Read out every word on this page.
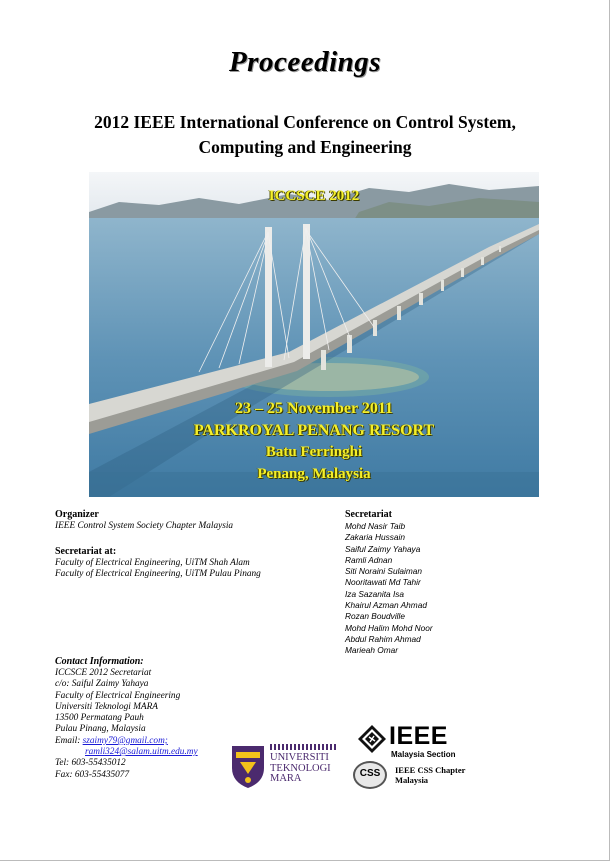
Proceedings
2012 IEEE International Conference on Control System,
Computing and Engineering
ICCSCE 2012
23 – 25 November 2011
PARKROYAL PENANG RESORT
Batu Ferringhi
Penang, Malaysia
Organizer
IEEE Control System Society Chapter Malaysia
Secretariat at:
Faculty of Electrical Engineering, UiTM Shah Alam
Faculty of Electrical Engineering, UiTM Pulau Pinang
Secretariat
Mohd Nasir Taib
Zakaria Hussain
Saiful Zaimy Yahaya
Ramli Adnan
Siti Noraini Sulaiman
Nooritawati Md Tahir
Iza Sazanita Isa
Khairul Azman Ahmad
Rozan Boudville
Mohd Halim Mohd Noor
Abdul Rahim Ahmad
Marieah Omar
Contact Information:
ICCSCE 2012 Secretariat
c/o: Saiful Zaimy Yahaya
Faculty of Electrical Engineering
Universiti Teknologi MARA
13500 Permatang Pauh
Pulau Pinang, Malaysia
Email: szaimy79@gmail.com;
ramli324@salam.uitm.edu.my
Tel: 603-55435012
Fax: 603-55435077
UNIVERSITI
TEKNOLOGI
MARA
IEEE
Malaysia Section
CSS IEEE CSS Chapter
Malaysia
